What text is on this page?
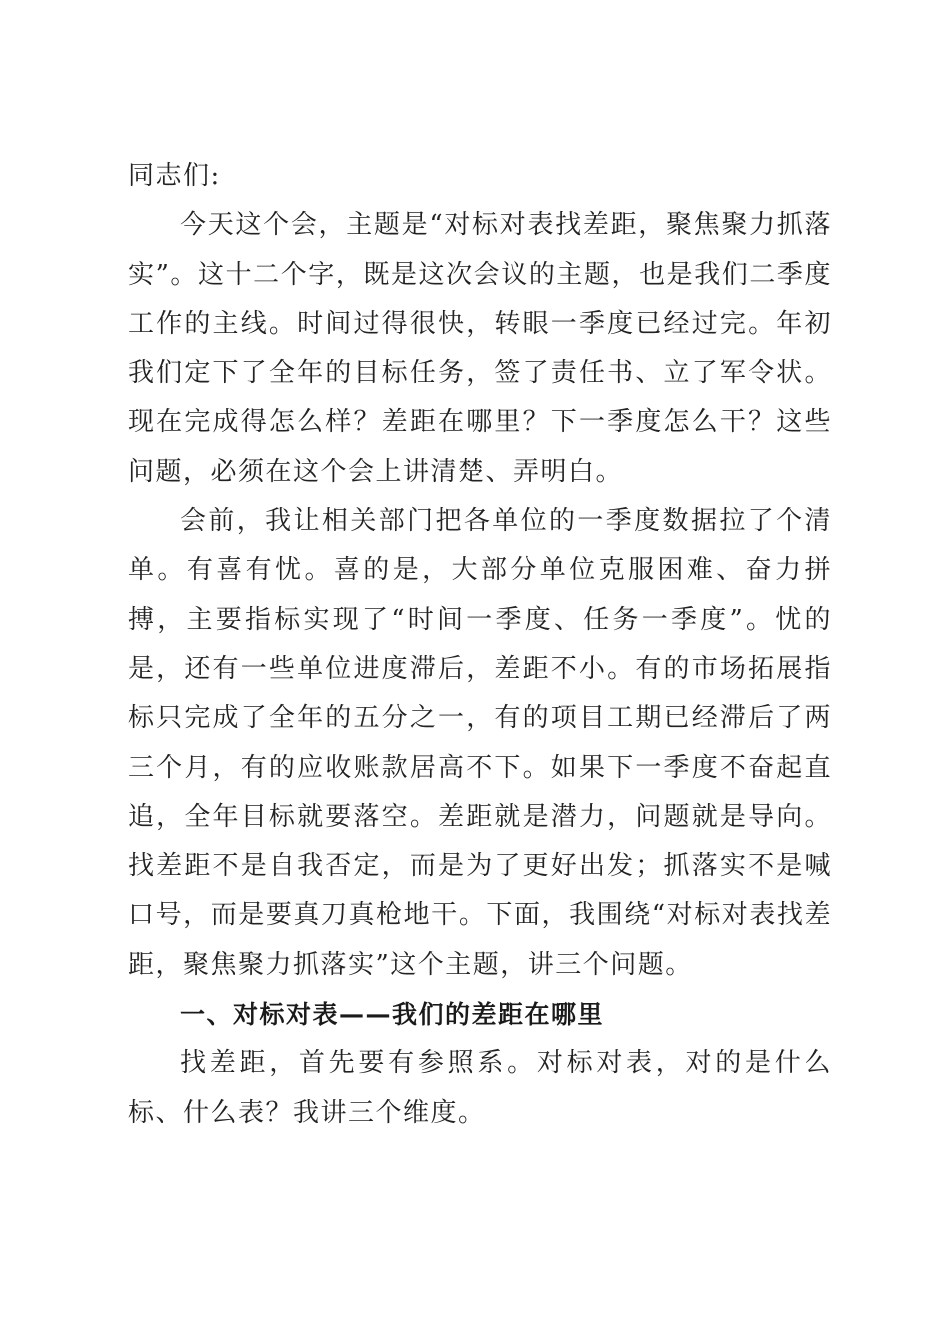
同志们:

今天这个会，主题是“对标对表找差距，聚焦聚力抓落实”。这十二个字，既是这次会议的主题，也是我们二季度工作的主线。时间过得很快，转眼一季度已经过完。年初我们定下了全年的目标任务，签了责任书、立了军令状。现在完成得怎么样？差距在哪里？下一季度怎么干？这些问题，必须在这个会上讲清楚、弄明白。

会前，我让相关部门把各单位的一季度数据拉了个清单。有喜有忧。喜的是，大部分单位克服困难、奋力拼搏，主要指标实现了“时间一季度、任务一季度”。忧的是，还有一些单位进度滞后，差距不小。有的市场拓展指标只完成了全年的五分之一，有的项目工期已经滞后了两三个月，有的应收账款居高不下。如果下一季度不奋起直追，全年目标就要落空。差距就是潜力，问题就是导向。找差距不是自我否定，而是为了更好出发；抓落实不是喊口号，而是要真刀真枪地干。下面，我围绕“对标对表找差距，聚焦聚力抓落实”这个主题，讲三个问题。

一、对标对表——我们的差距在哪里

找差距，首先要有参照系。对标对表，对的是什么标、什么表？我讲三个维度。
